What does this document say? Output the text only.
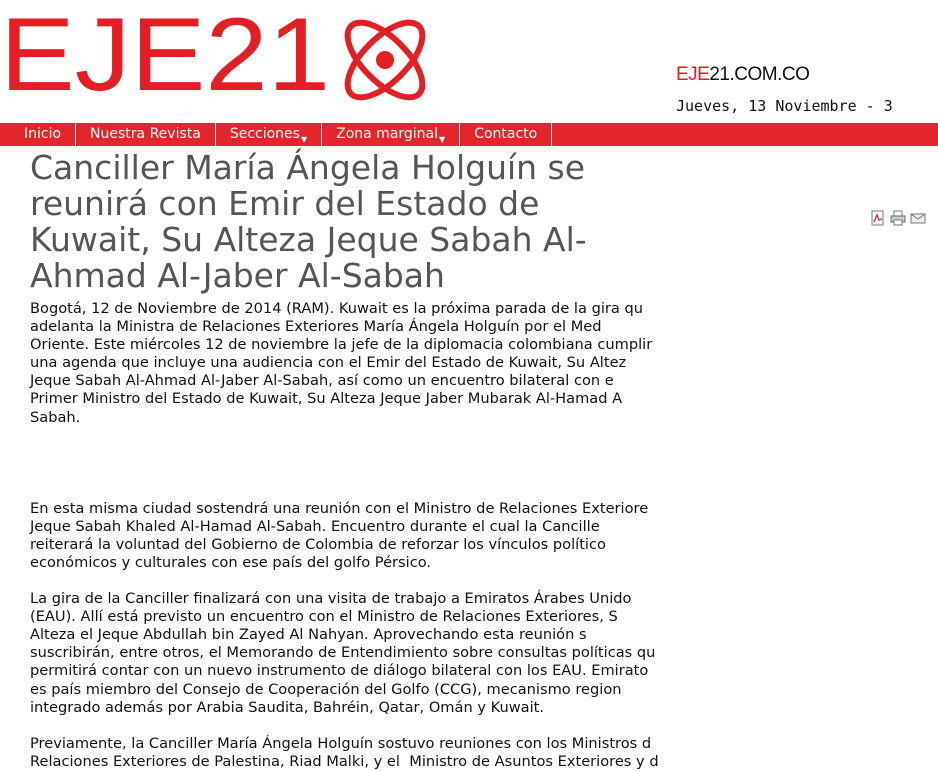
EJE21	EJE21.COM.CO
Jueves, 13 Noviembre - 3
Inicio	Nuestra Revista	Secciones$_▼$	Zona marginal$_▼$	Contacto
Canciller María Ángela Holguín se
reunirá con Emir del Estado de
Kuwait, Su Alteza Jeque Sabah Al-
Ahmad Al-Jaber Al-Sabah

Bogotá, 12 de Noviembre de 2014 (RAM). Kuwait es la próxima parada de la gira qu

adelanta la Ministra de Relaciones Exteriores María Ángela Holguín por el Med

Oriente. Este miércoles 12 de noviembre la jefe de la diplomacia colombiana cumplir

una agenda que incluye una audiencia con el Emir del Estado de Kuwait, Su Altez

Jeque Sabah Al-Ahmad Al-Jaber Al-Sabah, así como un encuentro bilateral con e

Primer Ministro del Estado de Kuwait, Su Alteza Jeque Jaber Mubarak Al-Hamad A

Sabah.

En esta misma ciudad sostendrá una reunión con el Ministro de Relaciones Exteriore

Jeque Sabah Khaled Al-Hamad Al-Sabah. Encuentro durante el cual la Cancille

reiterará la voluntad del Gobierno de Colombia de reforzar los vínculos político

económicos y culturales con ese país del golfo Pérsico.

La gira de la Canciller finalizará con una visita de trabajo a Emiratos Árabes Unido

(EAU). Allí está previsto un encuentro con el Ministro de Relaciones Exteriores, S

Alteza el Jeque Abdullah bin Zayed Al Nahyan. Aprovechando esta reunión s

suscribirán, entre otros, el Memorando de Entendimiento sobre consultas políticas qu

permitirá contar con un nuevo instrumento de diálogo bilateral con los EAU. Emirato

es país miembro del Consejo de Cooperación del Golfo (CCG), mecanismo region

integrado además por Arabia Saudita, Bahréin, Qatar, Omán y Kuwait.

Previamente, la Canciller María Ángela Holguín sostuvo reuniones con los Ministros d

Relaciones Exteriores de Palestina, Riad Malki, y el  Ministro de Asuntos Exteriores y d
